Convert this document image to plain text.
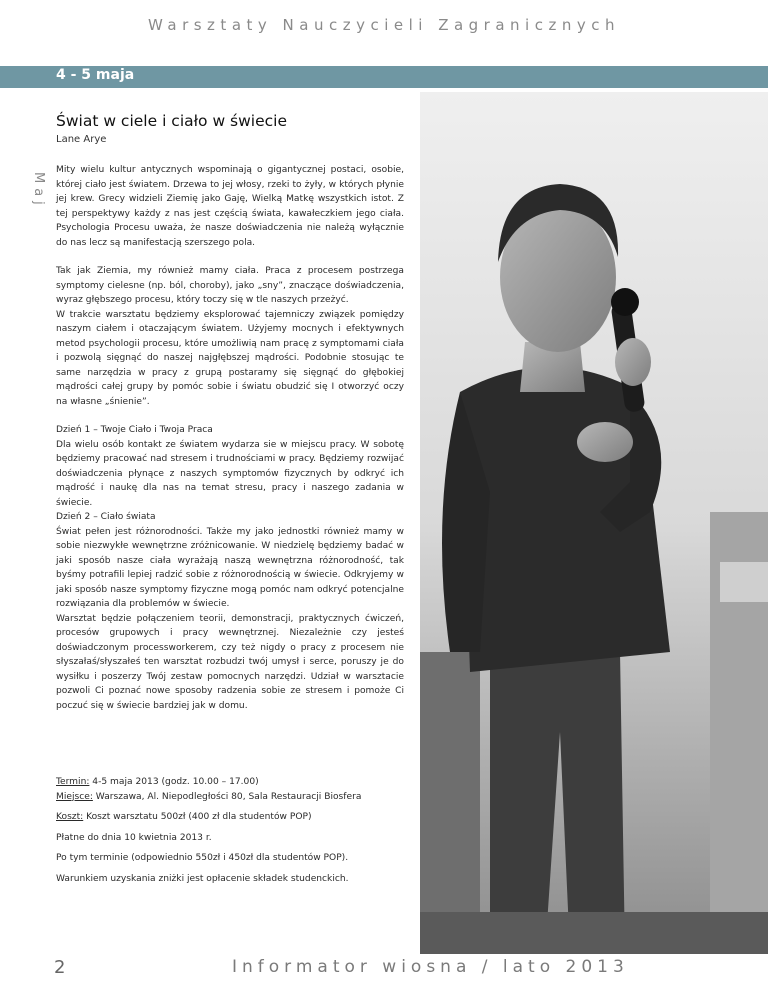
Warsztaty Nauczycieli Zagranicznych
4 - 5 maja
Maj
Świat w ciele i ciało w świecie
Lane Arye

Mity wielu kultur antycznych wspominają o gigantycznej postaci, osobie, której ciało jest światem. Drzewa to jej włosy, rzeki to żyły, w których płynie jej krew. Grecy widzieli Ziemię jako Gaję, Wielką Matkę wszystkich istot. Z tej perspektywy każdy z nas jest częścią świata, kawałeczkiem jego ciała. Psychologia Procesu uważa, że nasze doświadczenia nie należą wyłącznie do nas lecz są manifestacją szerszego pola.

Tak jak Ziemia, my również mamy ciała. Praca z procesem postrzega symptomy cielesne (np. ból, choroby), jako „sny”, znaczące doświadczenia, wyraz głębszego procesu, który toczy się w tle naszych przeżyć.

W trakcie warsztatu będziemy eksplorować tajemniczy związek pomiędzy naszym ciałem i otaczającym światem. Użyjemy mocnych i efektywnych metod psychologii procesu, które umożliwią nam pracę z symptomami ciała i pozwolą sięgnąć do naszej najgłębszej mądrości. Podobnie stosując te same narzędzia w pracy z grupą postaramy się sięgnąć do głębokiej mądrości całej grupy by pomóc sobie i światu obudzić się I otworzyć oczy na własne „śnienie”.

Dzień 1 – Twoje Ciało i Twoja Praca

Dla wielu osób kontakt ze światem wydarza sie w miejscu pracy. W sobotę będziemy pracować nad stresem i trudnościami w pracy. Będziemy rozwijać doświadczenia płynące z naszych symptomów fizycznych by odkryć ich mądrość i naukę dla nas na temat stresu, pracy i naszego zadania w świecie.

Dzień 2 – Ciało świata

Świat pełen jest różnorodności. Także my jako jednostki również mamy w sobie niezwykłe wewnętrzne zróżnicowanie. W niedzielę będziemy badać w jaki sposób nasze ciała wyrażają naszą wewnętrzna różnorodność, tak byśmy potrafili lepiej radzić sobie z różnorodnością w świecie. Odkryjemy w jaki sposób nasze symptomy fizyczne mogą pomóc nam odkryć potencjalne rozwiązania dla problemów w świecie.

Warsztat będzie połączeniem teorii, demonstracji, praktycznych ćwiczeń, procesów grupowych i pracy wewnętrznej. Niezależnie czy jesteś doświadczonym processworkerem, czy też nigdy o pracy z procesem nie słyszałaś/słyszałeś ten warsztat rozbudzi twój umysł i serce, poruszy je do wysiłku i poszerzy Twój zestaw pomocnych narzędzi. Udział w warsztacie pozwoli Ci poznać nowe sposoby radzenia sobie ze stresem i pomoże Ci poczuć się w świecie bardziej jak w domu.

Termin: 4-5 maja 2013 (godz. 10.00 – 17.00)

Miejsce: Warszawa, Al. Niepodległości 80, Sala Restauracji Biosfera

Koszt: Koszt warsztatu 500zł (400 zł dla studentów POP)

Płatne do dnia 10 kwietnia 2013 r.

Po tym terminie (odpowiednio 550zł i 450zł dla studentów POP).

Warunkiem uzyskania zniżki jest opłacenie składek studenckich.

2	Informator wiosna / lato 2013
